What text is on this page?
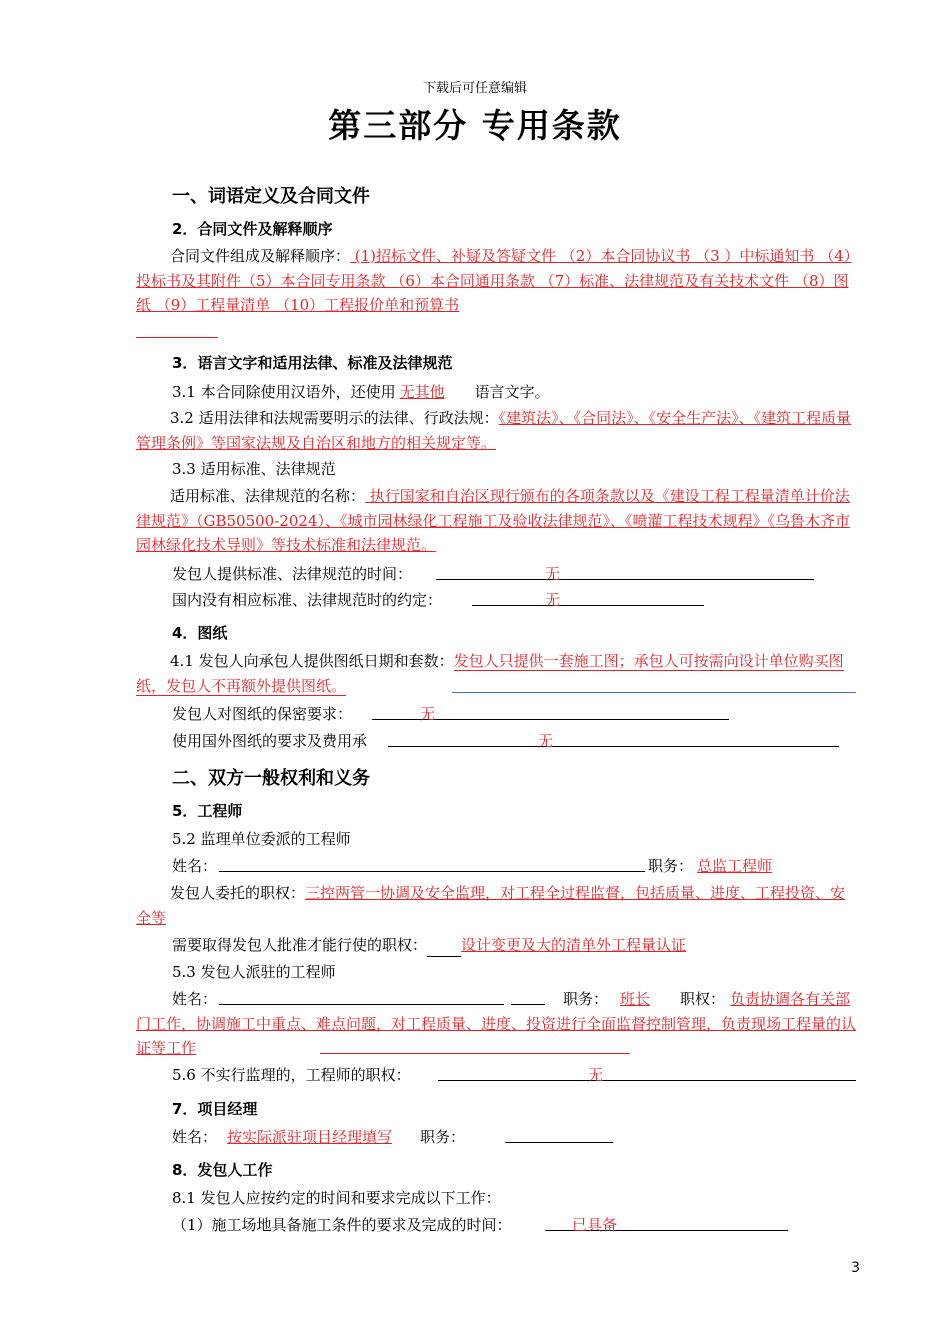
下载后可任意编辑
第三部分 专用条款
一、词语定义及合同文件
2．合同文件及解释顺序
合同文件组成及解释顺序： (1)招标文件、补疑及答疑文件 （2）本合同协议书 （3 ）中标通知书 （4）投标书及其附件（5）本合同专用条款 （6）本合同通用条款 （7）标准、法律规范及有关技术文件 （8）图纸 （9）工程量清单 （10）工程报价单和预算书
3．语言文字和适用法律、标准及法律规范
3.1 本合同除使用汉语外，还使用 无其他 语言文字。
3.2 适用法律和法规需要明示的法律、行政法规：《建筑法》、《合同法》、《安全生产法》、《建筑工程质量管理条例》等国家法规及自治区和地方的相关规定等。
3.3 适用标准、法律规范
适用标准、法律规范的名称： 执行国家和自治区现行颁布的各项条款以及《建设工程工程量清单计价法律规范》（GB50500-2024）、《城市园林绿化工程施工及验收法律规范》、《喷灌工程技术规程》《乌鲁木齐市园林绿化技术导则》等技术标准和法律规范。
发包人提供标准、法律规范的时间：	无
国内没有相应标准、法律规范时的约定：	无
4．图纸
4.1 发包人向承包人提供图纸日期和套数：发包人只提供一套施工图；承包人可按需向设计单位购买图纸，发包人不再额外提供图纸。
发包人对图纸的保密要求：	无
使用国外图纸的要求及费用承	无
二、双方一般权利和义务
5．工程师
5.2 监理单位委派的工程师
姓名：	职务： 总监工程师
发包人委托的职权：三控两管一协调及安全监理，对工程全过程监督，包括质量、进度、工程投资、安全等
需要取得发包人批准才能行使的职权： 设计变更及大的清单外工程量认证
5.3 发包人派驻的工程师
姓名：	职务： 班长	职权： 负责协调各有关部门工作，协调施工中重点、难点问题，对工程质量、进度、投资进行全面监督控制管理，负责现场工程量的认证等工作
5.6 不实行监理的，工程师的职权：	无
7．项目经理
姓名： 按实际派驻项目经理填写 职务：
8．发包人工作
8.1 发包人应按约定的时间和要求完成以下工作：
（1）施工场地具备施工条件的要求及完成的时间：	已具备
3
